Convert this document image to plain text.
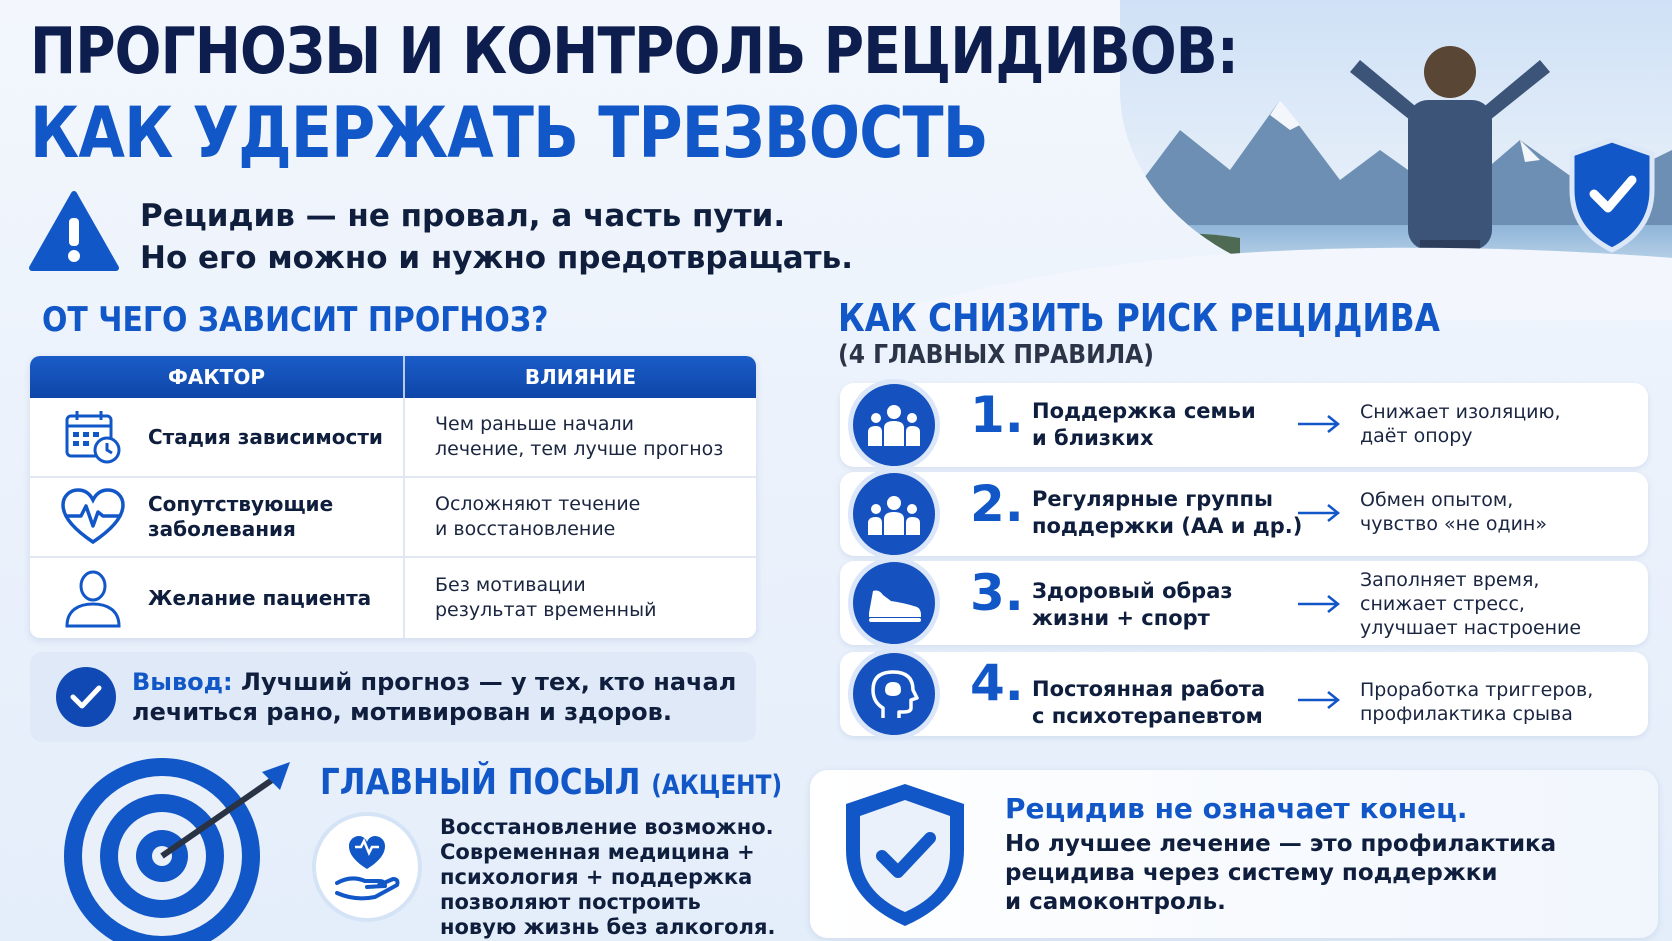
ПРОГНОЗЫ И КОНТРОЛЬ РЕЦИДИВОВ:
КАК УДЕРЖАТЬ ТРЕЗВОСТЬ
Рецидив — не провал, а часть пути.
Но его можно и нужно предотвращать.
ОТ ЧЕГО ЗАВИСИТ ПРОГНОЗ?
ФАКТОР	ВЛИЯНИЕ
Стадия зависимости
Чем раньше начали
лечение, тем лучше прогноз
Сопутствующие
заболевания
Осложняют течение
и восстановление
Желание пациента
Без мотивации
результат временный
Вывод: Лучший прогноз — у тех, кто начал
лечиться рано, мотивирован и здоров.
КАК СНИЗИТЬ РИСК РЕЦИДИВА
(4 ГЛАВНЫХ ПРАВИЛА)
1. Поддержка семьи
и близких
Снижает изоляцию,
даёт опору
2. Регулярные группы
поддержки (АА и др.)
Обмен опытом,
чувство «не один»
3. Здоровый образ
жизни + спорт
Заполняет время,
снижает стресс,
улучшает настроение
4. Постоянная работа
с психотерапевтом
Проработка триггеров,
профилактика срыва
ГЛАВНЫЙ ПОСЫЛ (АКЦЕНТ)
Восстановление возможно.
Современная медицина +
психология + поддержка
позволяют построить
новую жизнь без алкоголя.
Рецидив не означает конец.
Но лучшее лечение — это профилактика
рецидива через систему поддержки
и самоконтроль.
